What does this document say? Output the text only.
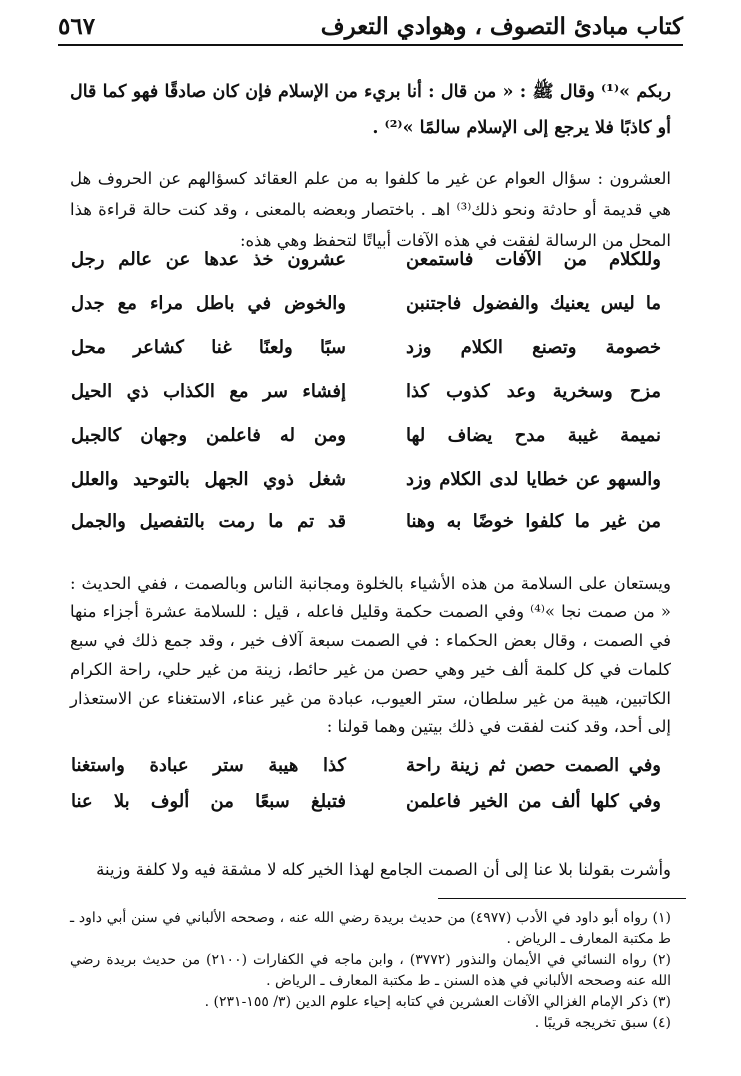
كتاب مبادئ التصوف ، وهوادي التعرف
٥٦٧

ربكم »⁽¹⁾ وقال ﷺ : « من قال : أنا بريء من الإسلام فإن كان صادقًا فهو كما قال أو كاذبًا فلا يرجع إلى الإسلام سالمًا »⁽²⁾ .

العشرون : سؤال العوام عن غير ما كلفوا به من علم العقائد كسؤالهم عن الحروف هل هي قديمة أو حادثة ونحو ذلك⁽³⁾ اهـ . باختصار وبعضه بالمعنى ، وقد كنت حالة قراءة هذا المحل من الرسالة لفقت في هذه الآفات أبياتًا لتحفظ وهي هذه:

وللكلام من الآفات فاستمعن
عشرون خذ عدها عن عالم رجل
ما ليس يعنيك والفضول فاجتنبن
والخوض في باطل مراء مع جدل
خصومة وتصنع الكلام وزد
سبًا ولعنًا غنا كشاعر محل
مزح وسخرية وعد كذوب كذا
إفشاء سر مع الكذاب ذي الحيل
نميمة غيبة مدح يضاف لها
ومن له فاعلمن وجهان كالجبل
والسهو عن خطايا لدى الكلام وزد
شغل ذوي الجهل بالتوحيد والعلل
من غير ما كلفوا خوضًا به وهنا
قد تم ما رمت بالتفصيل والجمل

ويستعان على السلامة من هذه الأشياء بالخلوة ومجانبة الناس وبالصمت ، ففي الحديث : « من صمت نجا »⁽⁴⁾ وفي الصمت حكمة وقليل فاعله ، قيل : للسلامة عشرة أجزاء منها في الصمت ، وقال بعض الحكماء : في الصمت سبعة آلاف خير ، وقد جمع ذلك في سبع كلمات في كل كلمة ألف خير وهي حصن من غير حائط، زينة من غير حلي، راحة الكرام الكاتبين، هيبة من غير سلطان، ستر العيوب، عبادة من غير عناء، الاستغناء عن الاستعذار إلى أحد، وقد كنت لفقت في ذلك بيتين وهما قولنا :

وفي الصمت حصن ثم زينة راحة
كذا هيبة ستر عبادة واستغنا
وفي كلها ألف من الخير فاعلمن
فتبلغ سبعًا من ألوف بلا عنا

وأشرت بقولنا بلا عنا إلى أن الصمت الجامع لهذا الخير كله لا مشقة فيه ولا كلفة وزينة

(١) رواه أبو داود في الأدب (٤٩٧٧) من حديث بريدة رضي الله عنه ، وصححه الألباني في سنن أبي داود ـ ط مكتبة المعارف ـ الرياض .

(٢) رواه النسائي في الأيمان والنذور (٣٧٧٢) ، وابن ماجه في الكفارات (٢١٠٠) من حديث بريدة رضي الله عنه وصححه الألباني في هذه السنن ـ ط مكتبة المعارف ـ الرياض .

(٣) ذكر الإمام الغزالي الآفات العشرين في كتابه إحياء علوم الدين (٣/ ١٥٥-٢٣١) .

(٤) سبق تخريجه قريبًا .
